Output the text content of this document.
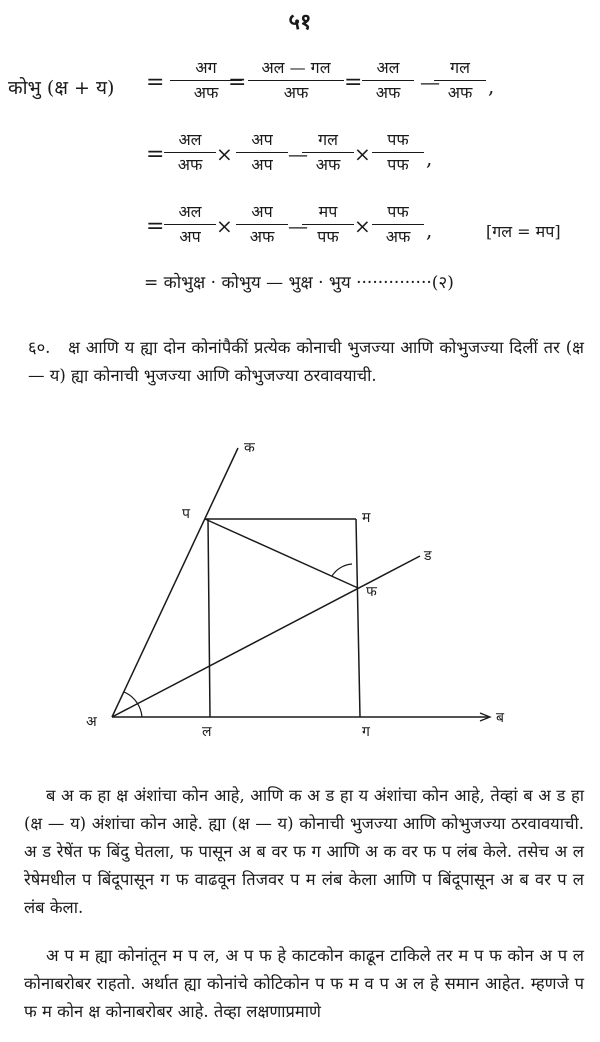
५१
कोभु (क्ष + य) =
अग
अफ =
अल — गल
अफ	=
अल
अफ —
गल
अफ ,
=
अल
अफ ×
अप
अप —
गल
अफ ×
पफ
पफ ,
=
अल
अप ×
अप
अफ —
मप
पफ ×
पफ
अफ ,	[गल = मप]
= कोभुक्ष · कोभुय — भुक्ष · भुय ··············(२)
६०. क्ष आणि य ह्या दोन कोनांपैकीं प्रत्येक कोनाची भुजज्या आणि कोभुजज्या दिलीं तर (क्ष — य) ह्या कोनाची भुजज्या आणि कोभुजज्या ठरवावयाची.
क
प	म
ड
फ
अ
ल	ग
ब
ब अ क हा क्ष अंशांचा कोन आहे, आणि क अ ड हा य अंशांचा कोन आहे, तेव्हां ब अ ड हा (क्ष — य) अंशांचा कोन आहे. ह्या (क्ष — य) कोनाची भुजज्या आणि कोभुजज्या ठरवावयाची. अ ड रेषेंत फ बिंदु घेतला, फ पासून अ ब वर फ ग आणि अ क वर फ प लंब केले. तसेच अ ल रेषेमधील प बिंदूपासून ग फ वाढवून तिजवर प म लंब केला आणि प बिंदूपासून अ ब वर प ल लंब केला.
अ प म ह्या कोनांतून म प ल, अ प फ हे काटकोन काढून टाकिले तर म प फ कोन अ प ल कोनाबरोबर राहतो. अर्थात ह्या कोनांचे कोटिकोन प फ म व प अ ल हे समान आहेत. म्हणजे प फ म कोन क्ष कोनाबरोबर आहे. तेव्हा लक्षणाप्रमाणे
